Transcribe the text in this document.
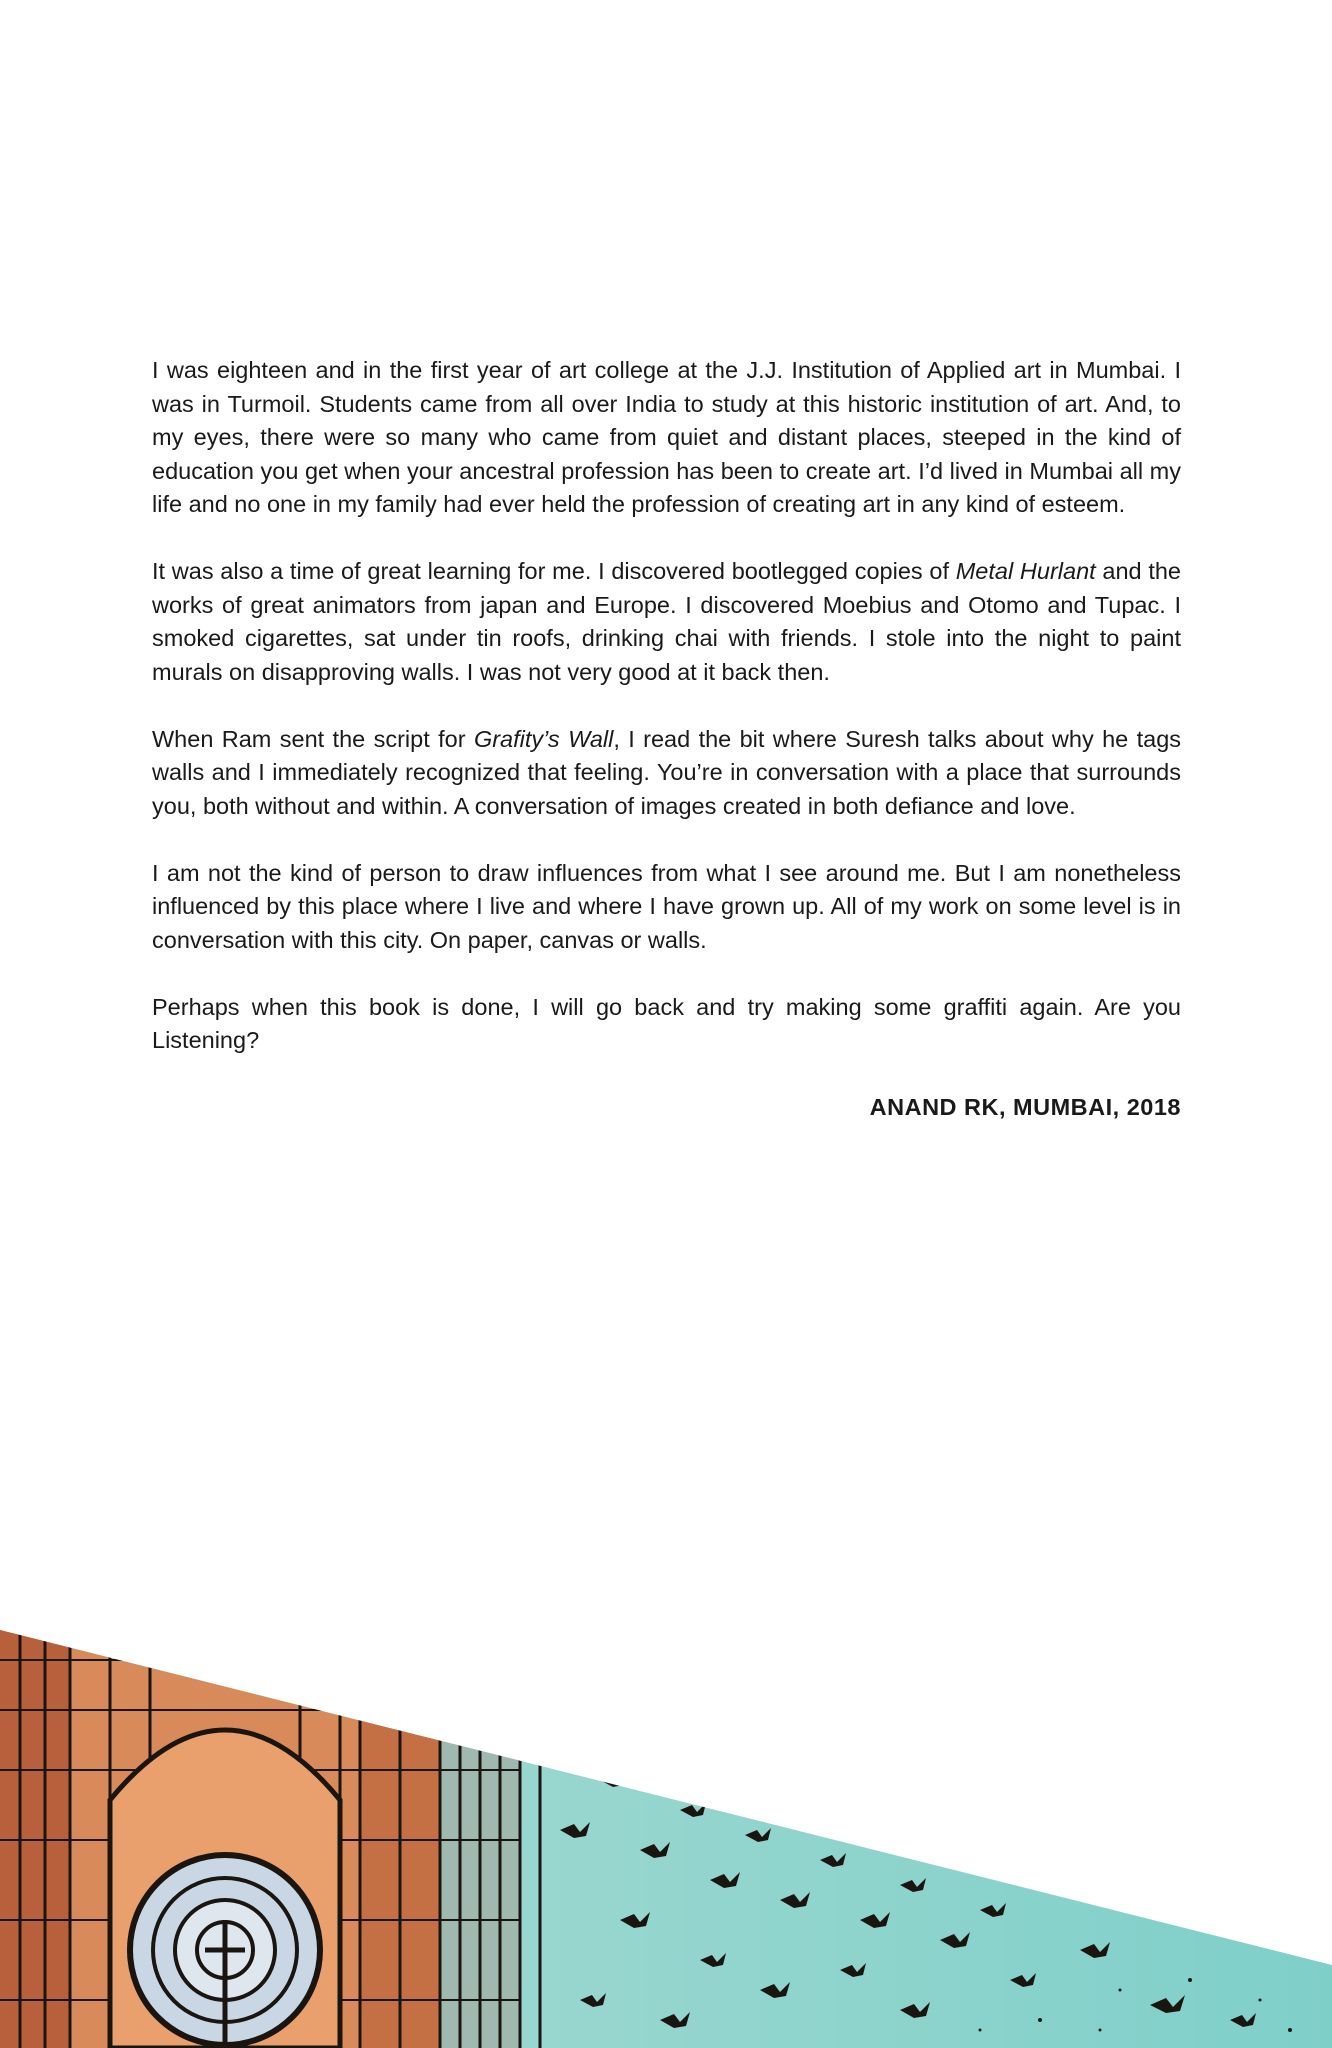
I was eighteen and in the first year of art college at the J.J. Institution of Applied art in Mumbai. I was in Turmoil. Students came from all over India to study at this historic institution of art. And, to my eyes, there were so many who came from quiet and distant places, steeped in the kind of education you get when your ancestral profession has been to create art. I’d lived in Mumbai all my life and no one in my family had ever held the profession of creating art in any kind of esteem.

It was also a time of great learning for me. I discovered bootlegged copies of Metal Hurlant and the works of great animators from japan and Europe. I discovered Moebius and Otomo and Tupac. I smoked cigarettes, sat under tin roofs, drinking chai with friends. I stole into the night to paint murals on disapproving walls. I was not very good at it back then.

When Ram sent the script for Grafity’s Wall, I read the bit where Suresh talks about why he tags walls and I immediately recognized that feeling. You’re in conversation with a place that surrounds you, both without and within. A conversation of images created in both defiance and love.

I am not the kind of person to draw influences from what I see around me. But I am nonetheless influenced by this place where I live and where I have grown up. All of my work on some level is in conversation with this city. On paper, canvas or walls.

Perhaps when this book is done, I will go back and try making some graffiti again. Are you Listening?

ANAND RK, MUMBAI, 2018
